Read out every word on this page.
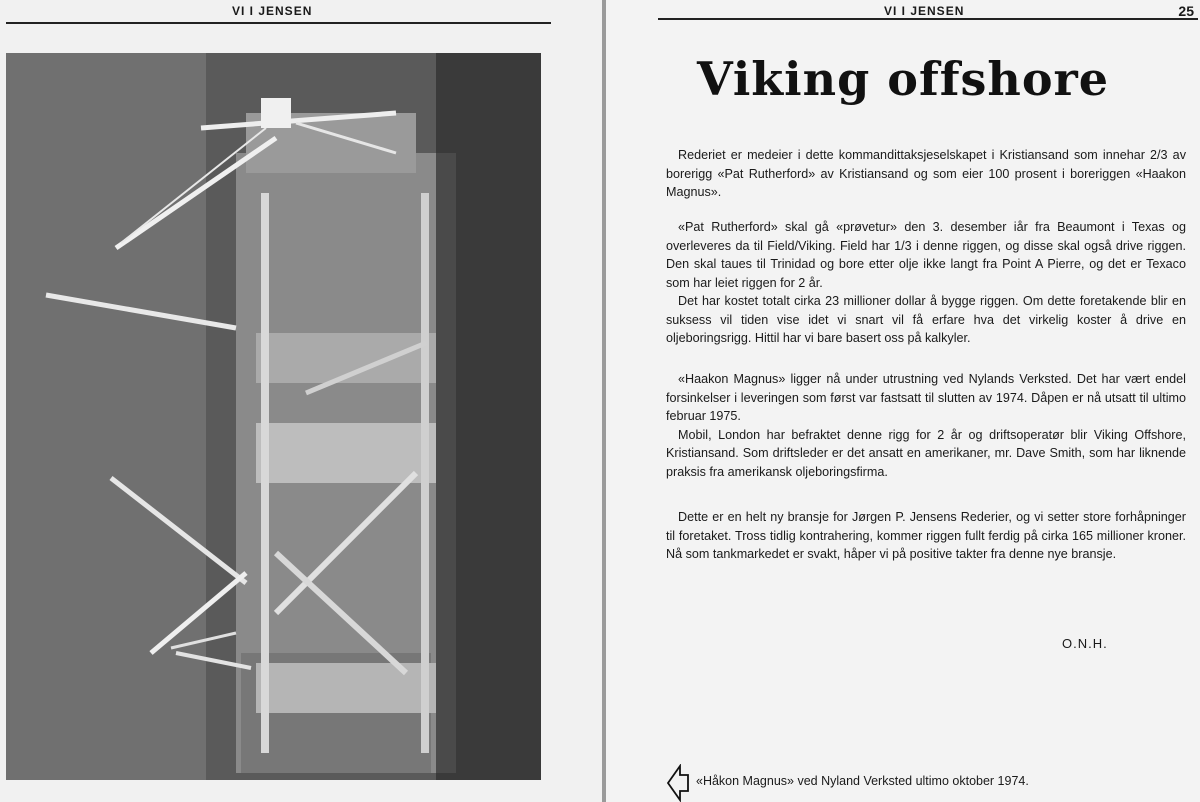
VI I JENSEN	VI I JENSEN	25
Viking offshore

Rederiet er medeier i dette kommandittaksjeselskapet i Kristiansand som innehar 2/3 av borerigg «Pat Rutherford» av Kristiansand og som eier 100 prosent i boreriggen «Haakon Magnus».

«Pat Rutherford» skal gå «prøvetur» den 3. desember iår fra Beaumont i Texas og overleveres da til Field/Viking. Field har 1/3 i denne riggen, og disse skal også drive riggen. Den skal taues til Trinidad og bore etter olje ikke langt fra Point A Pierre, og det er Texaco som har leiet riggen for 2 år.

Det har kostet totalt cirka 23 millioner dollar å bygge riggen. Om dette foretakende blir en suksess vil tiden vise idet vi snart vil få erfare hva det virkelig koster å drive en oljeboringsrigg. Hittil har vi bare basert oss på kalkyler.

«Haakon Magnus» ligger nå under utrustning ved Nylands Verksted. Det har vært endel forsinkelser i leveringen som først var fastsatt til slutten av 1974. Dåpen er nå utsatt til ultimo februar 1975.

Mobil, London har befraktet denne rigg for 2 år og driftsoperatør blir Viking Offshore, Kristiansand. Som driftsleder er det ansatt en amerikaner, mr. Dave Smith, som har liknende praksis fra amerikansk oljeboringsfirma.

Dette er en helt ny bransje for Jørgen P. Jensens Rederier, og vi setter store forhåpninger til foretaket. Tross tidlig kontrahering, kommer riggen fullt ferdig på cirka 165 millioner kroner. Nå som tankmarkedet er svakt, håper vi på positive takter fra denne nye bransje.

O.N.H.
«Håkon Magnus» ved Nyland Verksted ultimo oktober 1974.
